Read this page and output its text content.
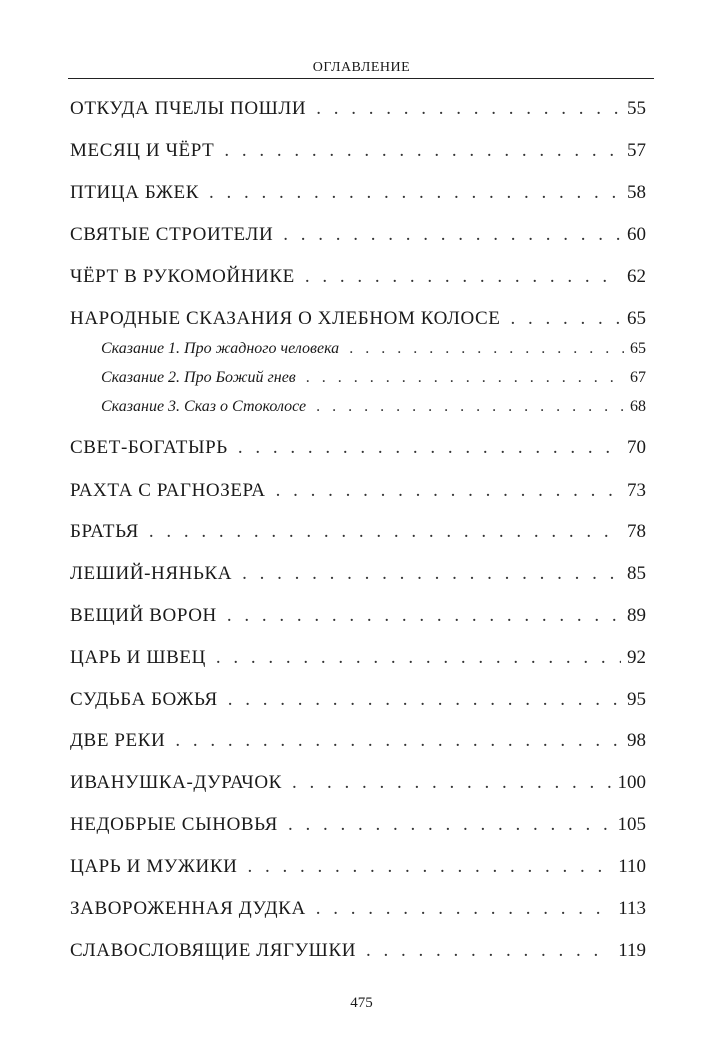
ОГЛАВЛЕНИЕ
ОТКУДА ПЧЕЛЫ ПОШЛИ . . .	55
МЕСЯЦ И ЧЁРТ . . .	57
ПТИЦА БЖЕК . . .	58
СВЯТЫЕ СТРОИТЕЛИ . . .	60
ЧЁРТ В РУКОМОЙНИКЕ . . .	62
НАРОДНЫЕ СКАЗАНИЯ О ХЛЕБНОМ КОЛОСЕ . . .	65
Сказание 1. Про жадного человека . . .	65
Сказание 2. Про Божий гнев . . .	67
Сказание 3. Сказ о Стоколосе . . .	68
СВЕТ-БОГАТЫРЬ . . .	70
РАХТА С РАГНОЗЕРА . . .	73
БРАТЬЯ . . .	78
ЛЕШИЙ-НЯНЬКА . . .	85
ВЕЩИЙ ВОРОН . . .	89
ЦАРЬ И ШВЕЦ . . .	92
СУДЬБА БОЖЬЯ . . .	95
ДВЕ РЕКИ . . .	98
ИВАНУШКА-ДУРАЧОК . . .	100
НЕДОБРЫЕ СЫНОВЬЯ . . .	105
ЦАРЬ И МУЖИКИ . . .	110
ЗАВОРОЖЕННАЯ ДУДКА . . .	113
СЛАВОСЛОВЯЩИЕ ЛЯГУШКИ . . .	119
475
